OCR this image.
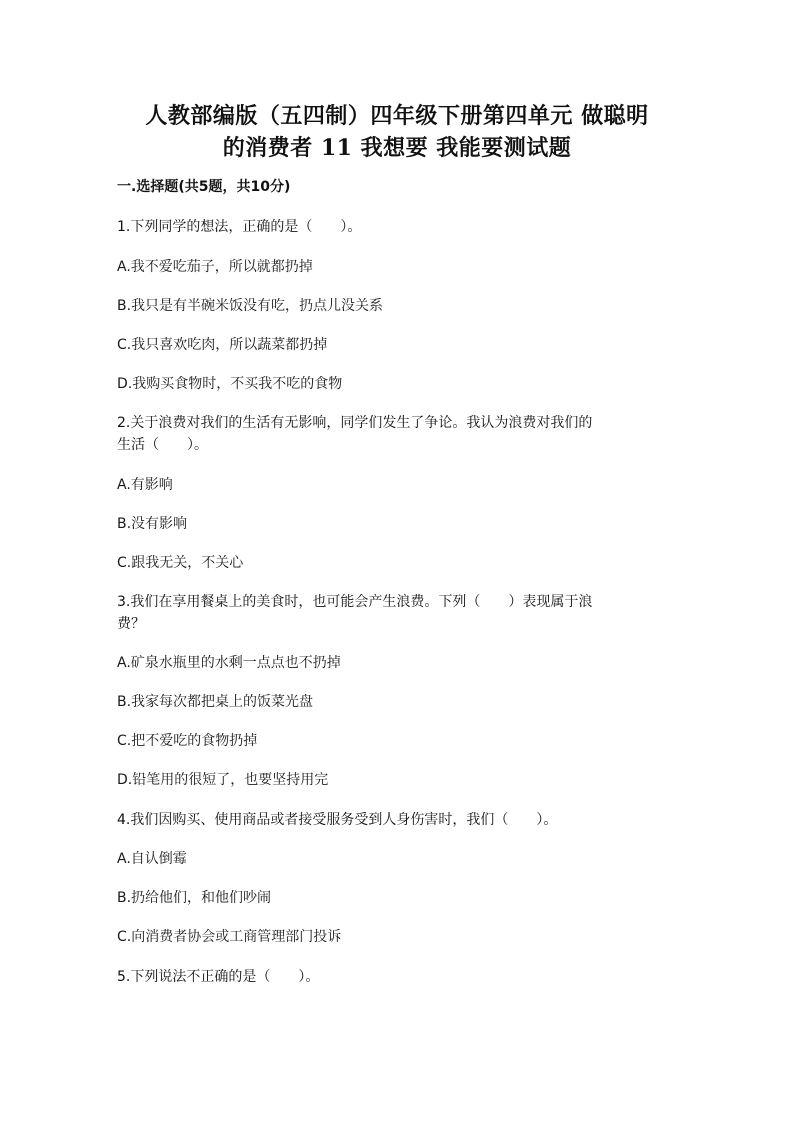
人教部编版（五四制）四年级下册第四单元 做聪明
的消费者 11 我想要 我能要测试题
一.选择题(共5题，共10分)
1.下列同学的想法，正确的是（　　）。
A.我不爱吃茄子，所以就都扔掉
B.我只是有半碗米饭没有吃，扔点儿没关系
C.我只喜欢吃肉，所以蔬菜都扔掉
D.我购买食物时，不买我不吃的食物
2.关于浪费对我们的生活有无影响，同学们发生了争论。我认为浪费对我们的
生活（　　）。
A.有影响
B.没有影响
C.跟我无关，不关心
3.我们在享用餐桌上的美食时，也可能会产生浪费。下列（　　）表现属于浪
费？
A.矿泉水瓶里的水剩一点点也不扔掉
B.我家每次都把桌上的饭菜光盘
C.把不爱吃的食物扔掉
D.铅笔用的很短了，也要坚持用完
4.我们因购买、使用商品或者接受服务受到人身伤害时，我们（　　）。
A.自认倒霉
B.扔给他们，和他们吵闹
C.向消费者协会或工商管理部门投诉
5.下列说法不正确的是（　　）。
